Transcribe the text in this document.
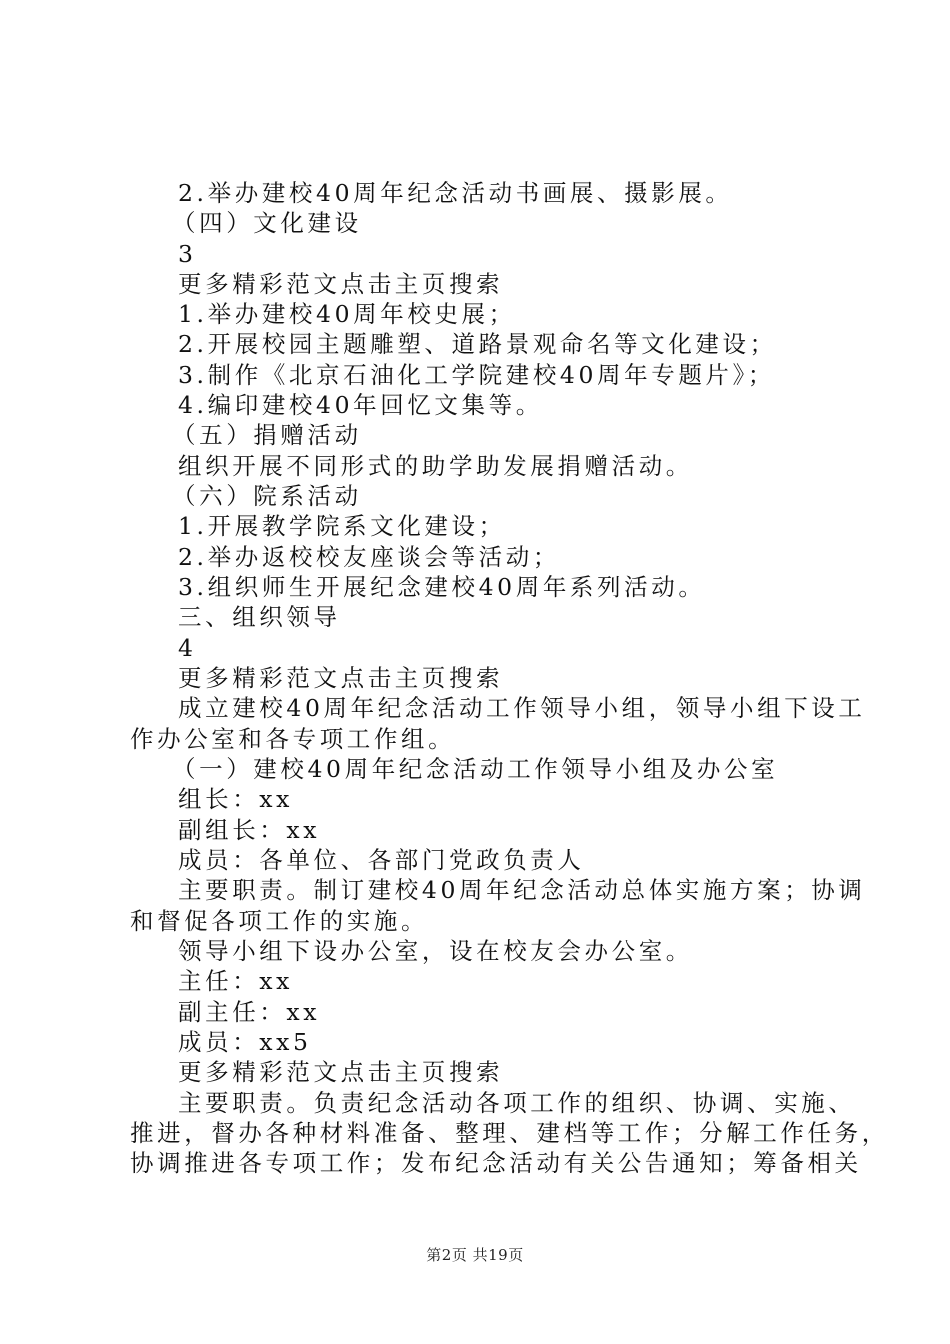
2.举办建校40周年纪念活动书画展、摄影展。
（四）文化建设
3
更多精彩范文点击主页搜索
1.举办建校40周年校史展；
2.开展校园主题雕塑、道路景观命名等文化建设；
3.制作《北京石油化工学院建校40周年专题片》；
4.编印建校40年回忆文集等。
（五）捐赠活动
组织开展不同形式的助学助发展捐赠活动。
（六）院系活动
1.开展教学院系文化建设；
2.举办返校校友座谈会等活动；
3.组织师生开展纪念建校40周年系列活动。
三、组织领导
4
更多精彩范文点击主页搜索
成立建校40周年纪念活动工作领导小组，领导小组下设工
作办公室和各专项工作组。
（一）建校40周年纪念活动工作领导小组及办公室
组长：xx
副组长：xx
成员：各单位、各部门党政负责人
主要职责。制订建校40周年纪念活动总体实施方案；协调
和督促各项工作的实施。
领导小组下设办公室，设在校友会办公室。
主任：xx
副主任：xx
成员：xx5
更多精彩范文点击主页搜索
主要职责。负责纪念活动各项工作的组织、协调、实施、
推进，督办各种材料准备、整理、建档等工作；分解工作任务，
协调推进各专项工作；发布纪念活动有关公告通知；筹备相关
第2页 共19页
